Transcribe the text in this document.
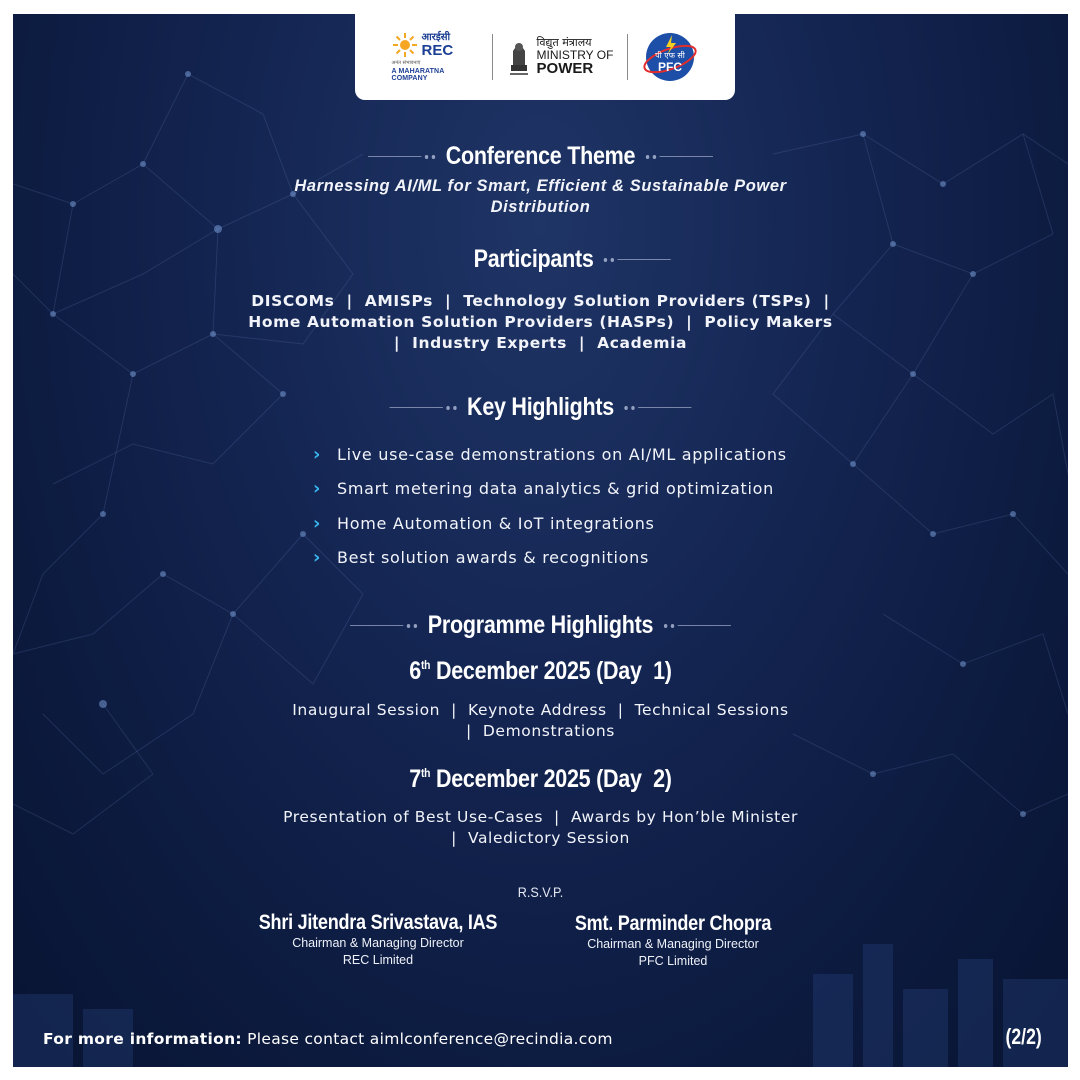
आरईसी
REC
अनंत संभावनाएं
A MAHARATNA COMPANY
विद्युत मंत्रालय
MINISTRY OF
POWER
पी एफ सी
PFC
Conference Theme
Harnessing AI/ML for Smart, Efficient & Sustainable Power
Distribution
Participants
DISCOMs  |  AMISPs  |  Technology Solution Providers (TSPs)  |
Home Automation Solution Providers (HASPs)  |  Policy Makers
|  Industry Experts  |  Academia
Key Highlights
›	Live use-case demonstrations on AI/ML applications
›	Smart metering data analytics & grid optimization
›	Home Automation & IoT integrations
›	Best solution awards & recognitions
Programme Highlights
6th December 2025 (Day  1)
Inaugural Session  |  Keynote Address  |  Technical Sessions
|  Demonstrations
7th December 2025 (Day  2)
Presentation of Best Use-Cases  |  Awards by Hon’ble Minister
|  Valedictory Session
R.S.V.P.
Shri Jitendra Srivastava, IAS
Chairman & Managing Director
REC Limited
Smt. Parminder Chopra
Chairman & Managing Director
PFC Limited
For more information: Please contact aimlconference@recindia.com	(2/2)
